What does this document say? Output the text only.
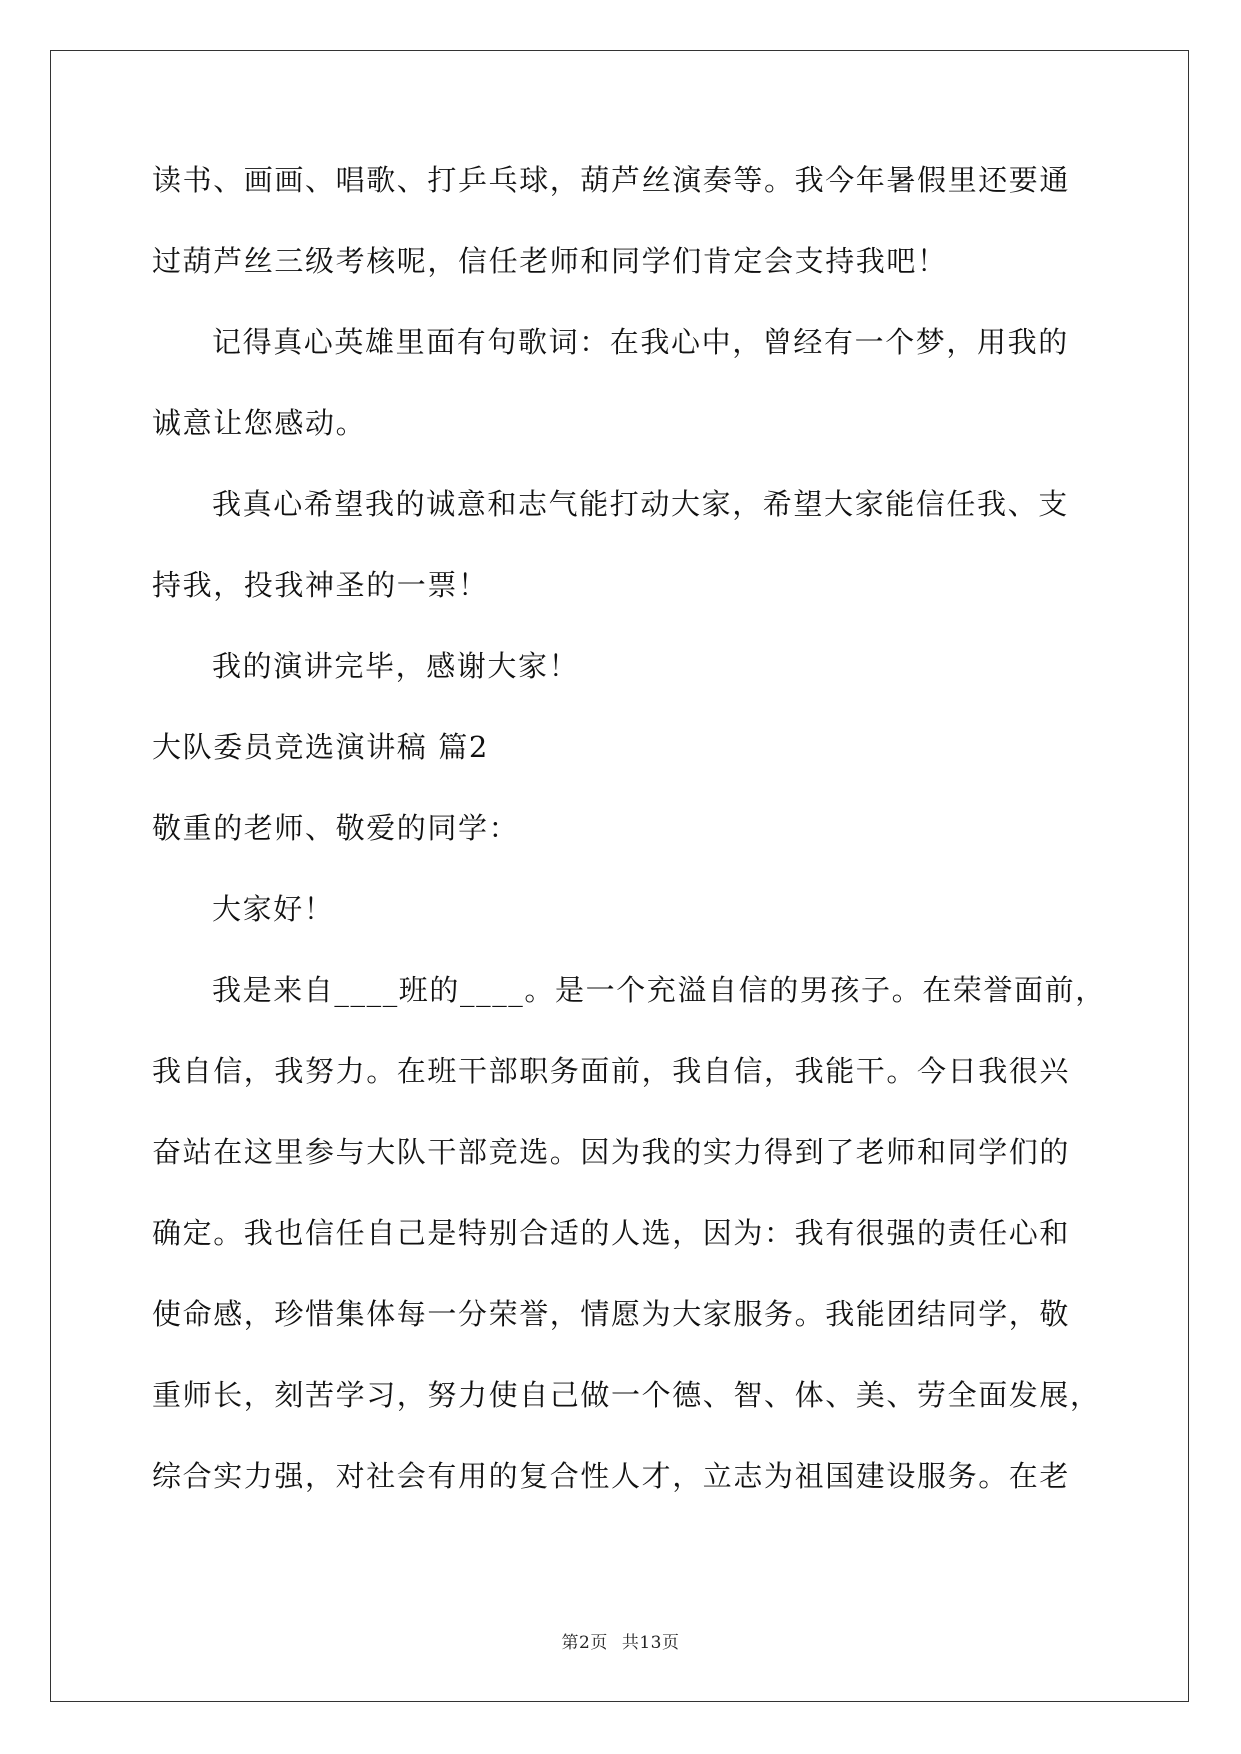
读书、画画、唱歌、打乒乓球，葫芦丝演奏等。我今年暑假里还要通

过葫芦丝三级考核呢，信任老师和同学们肯定会支持我吧！

记得真心英雄里面有句歌词：在我心中，曾经有一个梦，用我的

诚意让您感动。

我真心希望我的诚意和志气能打动大家，希望大家能信任我、支

持我，投我神圣的一票！

我的演讲完毕，感谢大家！

大队委员竞选演讲稿 篇2

敬重的老师、敬爱的同学：

大家好！

我是来自____班的____。是一个充溢自信的男孩子。在荣誉面前，

我自信，我努力。在班干部职务面前，我自信，我能干。今日我很兴

奋站在这里参与大队干部竞选。因为我的实力得到了老师和同学们的

确定。我也信任自己是特别合适的人选，因为：我有很强的责任心和

使命感，珍惜集体每一分荣誉，情愿为大家服务。我能团结同学，敬

重师长，刻苦学习，努力使自己做一个德、智、体、美、劳全面发展，

综合实力强，对社会有用的复合性人才，立志为祖国建设服务。在老

第2页 共13页
